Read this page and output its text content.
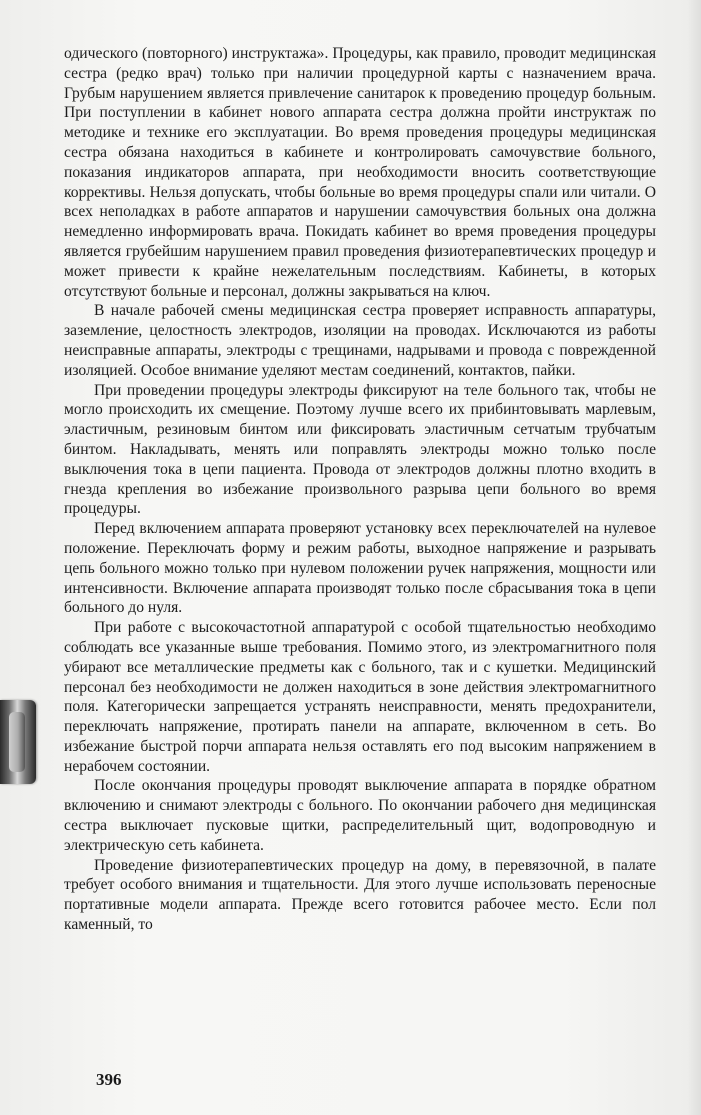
одического (повторного) инструктажа». Процедуры, как правило, проводит медицинская сестра (редко врач) только при наличии процедурной карты с назначением врача. Грубым нарушением является привлечение санитарок к проведению процедур больным. При поступлении в кабинет нового аппарата сестра должна пройти инструктаж по методике и технике его эксплуатации. Во время проведения процедуры медицинская сестра обязана находиться в кабинете и контролировать самочувствие больного, показания индикаторов аппарата, при необходимости вносить соответствующие коррективы. Нельзя допускать, чтобы больные во время процедуры спали или читали. О всех неполадках в работе аппаратов и нарушении самочувствия больных она должна немедленно информировать врача. Покидать кабинет во время проведения процедуры является грубейшим нарушением правил проведения физиотерапевтических процедур и может привести к крайне нежелательным последствиям. Кабинеты, в которых отсутствуют больные и персонал, должны закрываться на ключ.

В начале рабочей смены медицинская сестра проверяет исправность аппаратуры, заземление, целостность электродов, изоляции на проводах. Исключаются из работы неисправные аппараты, электроды с трещинами, надрывами и провода с поврежденной изоляцией. Особое внимание уделяют местам соединений, контактов, пайки.

При проведении процедуры электроды фиксируют на теле больного так, чтобы не могло происходить их смещение. Поэтому лучше всего их прибинтовывать марлевым, эластичным, резиновым бинтом или фиксировать эластичным сетчатым трубчатым бинтом. Накладывать, менять или поправлять электроды можно только после выключения тока в цепи пациента. Провода от электродов должны плотно входить в гнезда крепления во избежание произвольного разрыва цепи больного во время процедуры.

Перед включением аппарата проверяют установку всех переключателей на нулевое положение. Переключать форму и режим работы, выходное напряжение и разрывать цепь больного можно только при нулевом положении ручек напряжения, мощности или интенсивности. Включение аппарата производят только после сбрасывания тока в цепи больного до нуля.

При работе с высокочастотной аппаратурой с особой тщательностью необходимо соблюдать все указанные выше требования. Помимо этого, из электромагнитного поля убирают все металлические предметы как с больного, так и с кушетки. Медицинский персонал без необходимости не должен находиться в зоне действия электромагнитного поля. Категорически запрещается устранять неисправности, менять предохранители, переключать напряжение, протирать панели на аппарате, включенном в сеть. Во избежание быстрой порчи аппарата нельзя оставлять его под высоким напряжением в нерабочем состоянии.

После окончания процедуры проводят выключение аппарата в порядке обратном включению и снимают электроды с больного. По окончании рабочего дня медицинская сестра выключает пусковые щитки, распределительный щит, водопроводную и электрическую сеть кабинета.

Проведение физиотерапевтических процедур на дому, в перевязочной, в палате требует особого внимания и тщательности. Для этого лучше использовать переносные портативные модели аппарата. Прежде всего готовится рабочее место. Если пол каменный, то

396
